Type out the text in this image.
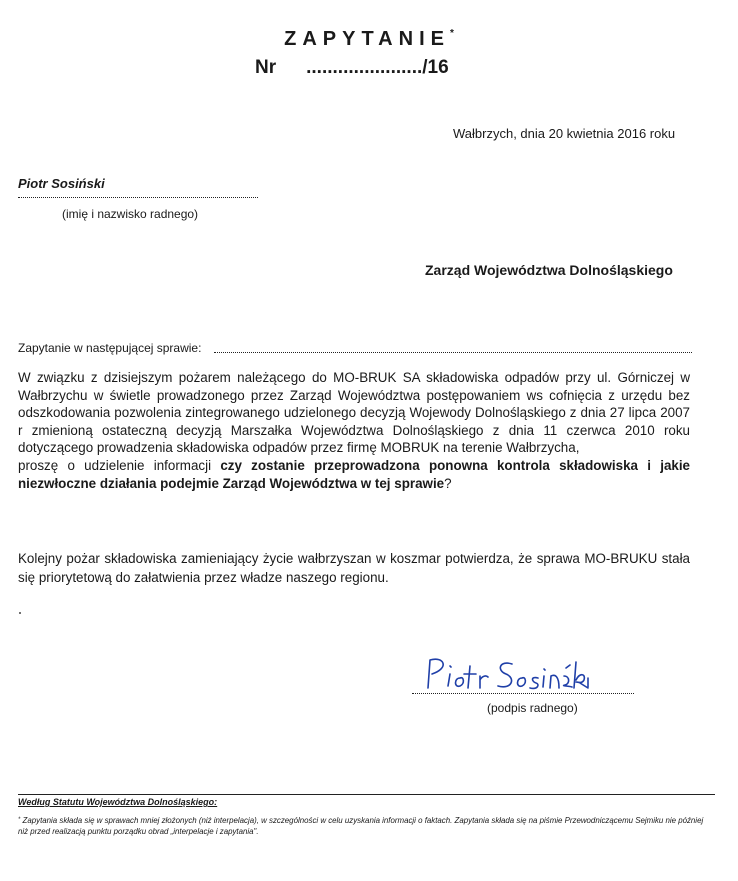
ZAPYTANIE*
Nr ....................../16
Wałbrzych, dnia 20 kwietnia 2016 roku
Piotr Sosiński
(imię i nazwisko radnego)
Zarząd Województwa Dolnośląskiego
Zapytanie w następującej sprawie:

W związku z dzisiejszym pożarem należącego do MO-BRUK SA składowiska odpadów przy ul. Górniczej w Wałbrzychu w świetle prowadzonego przez Zarząd Województwa postępowaniem ws cofnięcia z urzędu bez odszkodowania pozwolenia zintegrowanego udzielonego decyzją Wojewody Dolnośląskiego z dnia 27 lipca 2007 r zmienioną ostateczną decyzją Marszałka Województwa Dolnośląskiego z dnia 11 czerwca 2010 roku dotyczącego prowadzenia składowiska odpadów przez firmę MOBRUK na terenie Wałbrzycha,

proszę o udzielenie informacji czy zostanie przeprowadzona ponowna kontrola składowiska i jakie niezwłoczne działania podejmie Zarząd Województwa w tej sprawie?

Kolejny pożar składowiska zamieniający życie wałbrzyszan w koszmar potwierdza, że sprawa MO-BRUKU stała się priorytetową do załatwienia przez władze naszego regionu.
(podpis radnego)
Według Statutu Województwa Dolnośląskiego:
* Zapytania składa się w sprawach mniej złożonych (niż interpelacja), w szczególności w celu uzyskania informacji o faktach. Zapytania składa się na piśmie Przewodniczącemu Sejmiku nie później niż przed realizacją punktu porządku obrad „interpelacje i zapytania".
